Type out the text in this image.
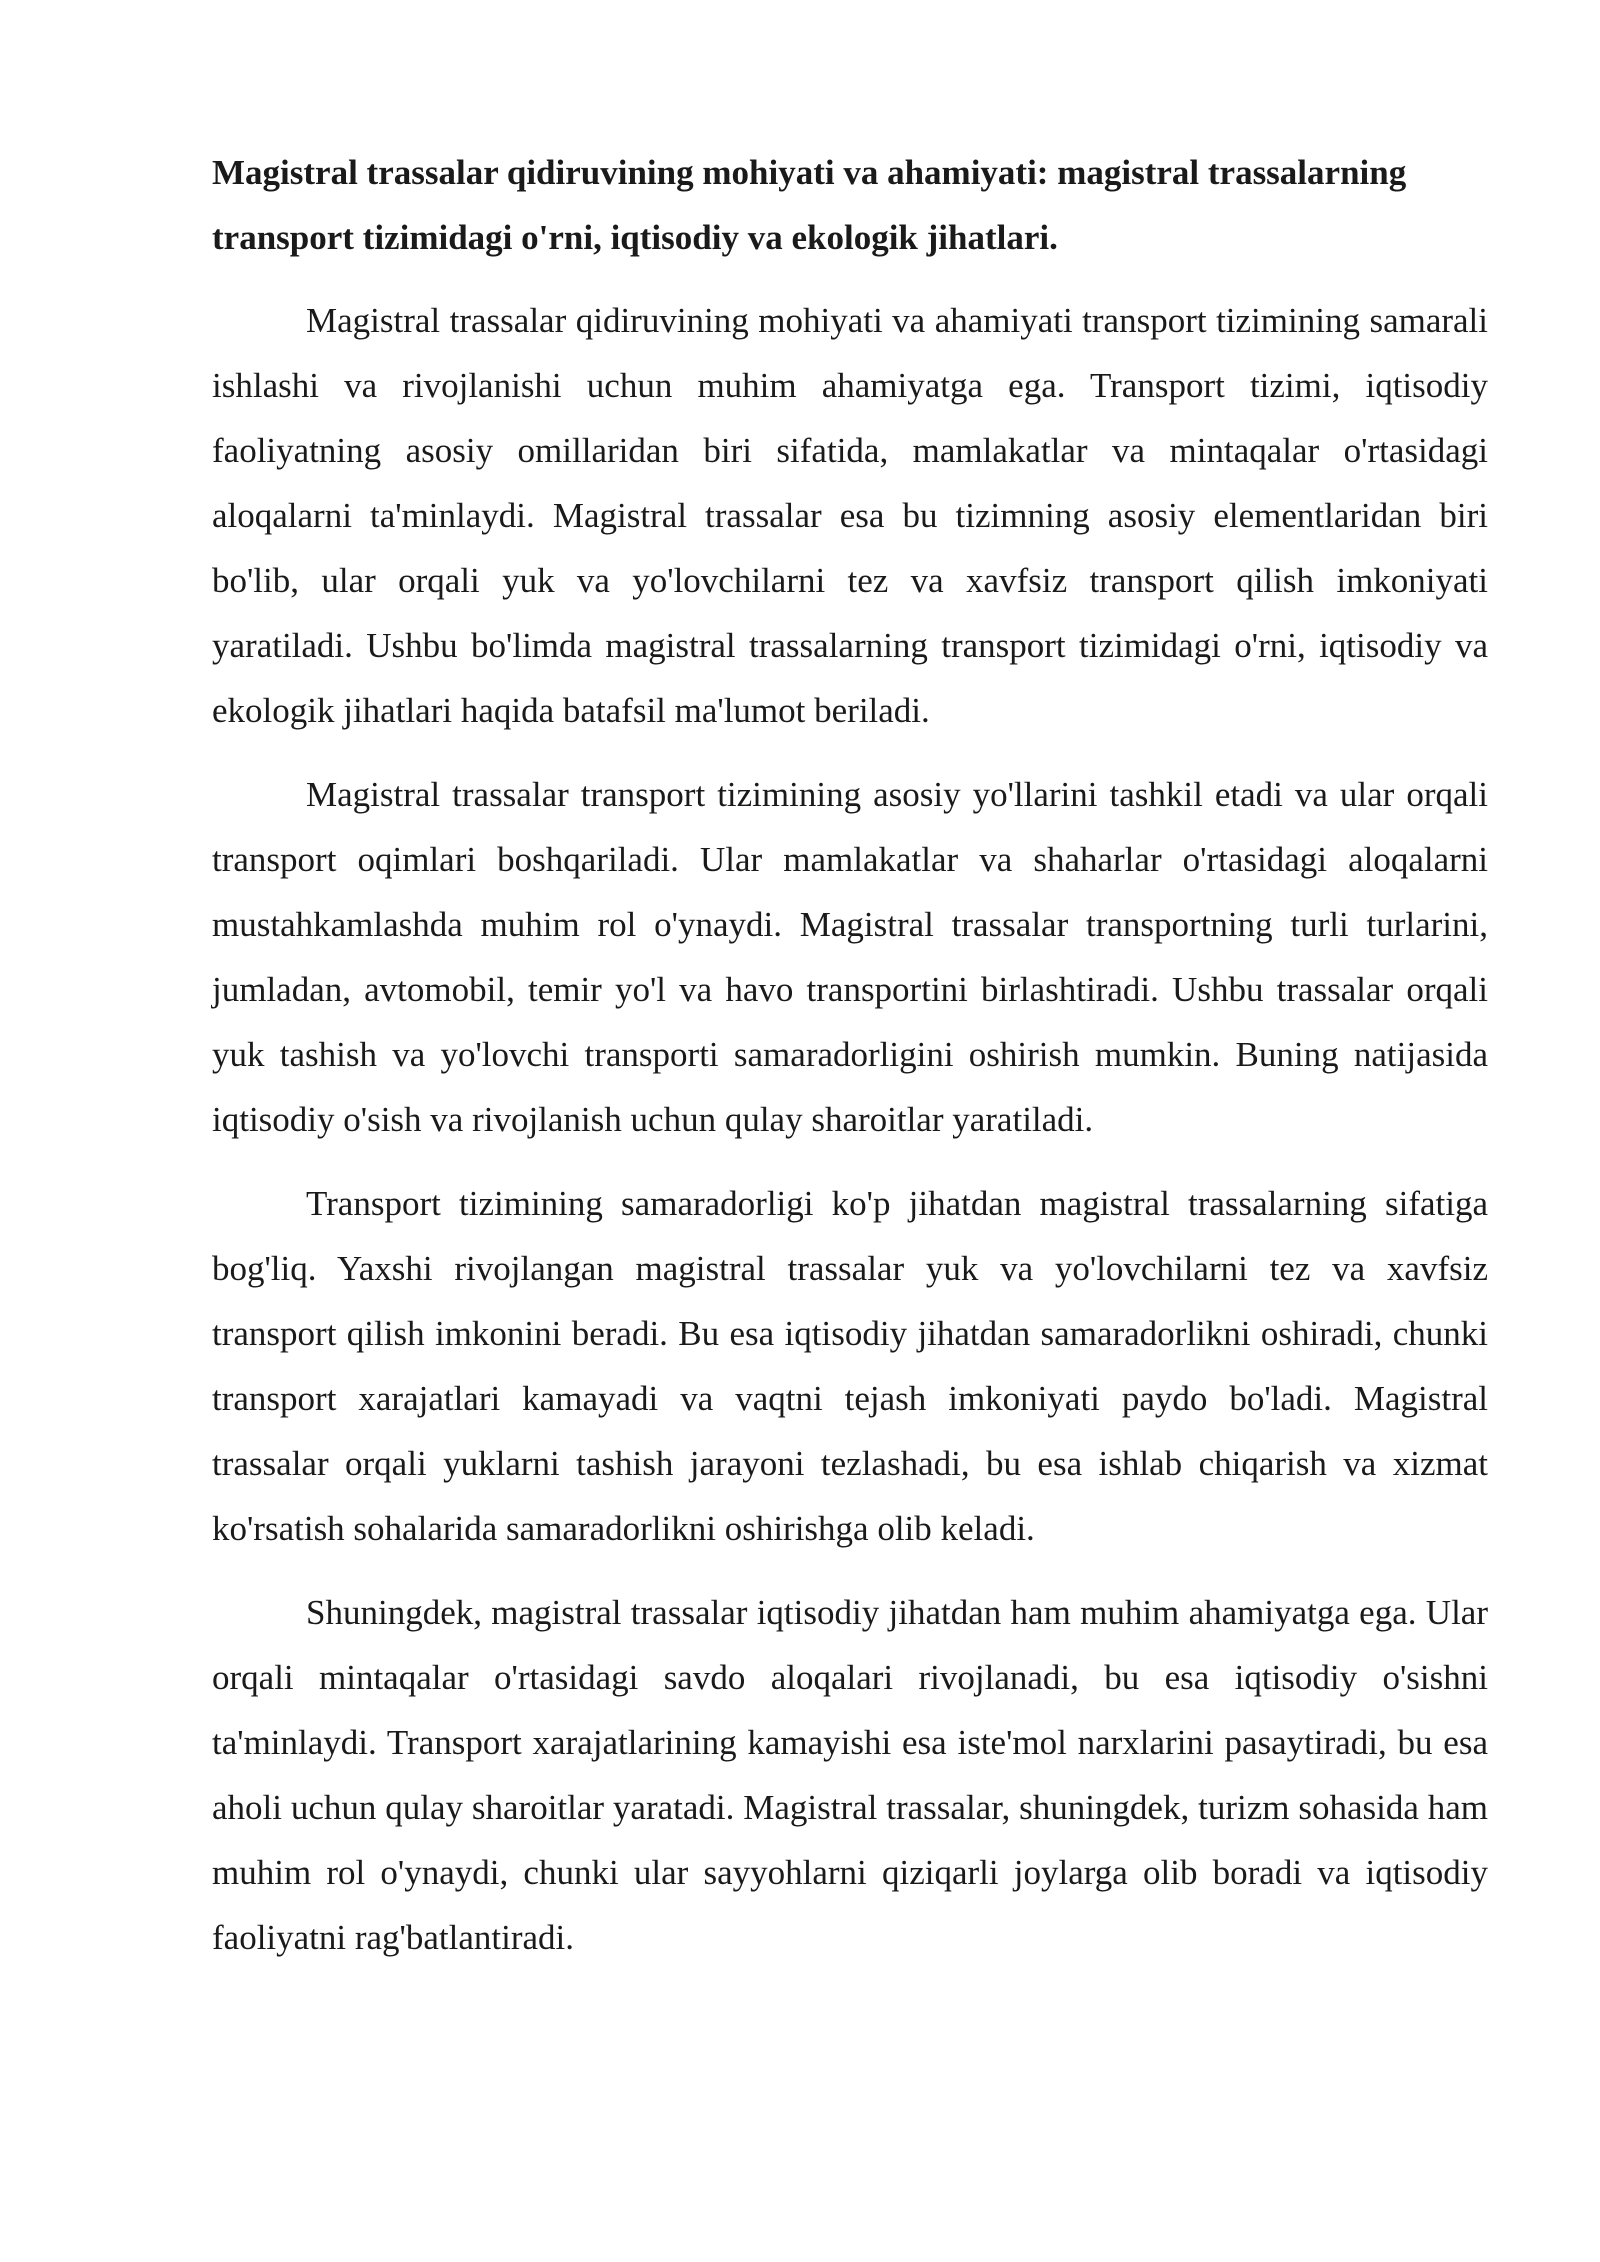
Magistral trassalar qidiruvining mohiyati va ahamiyati: magistral trassalarning transport tizimidagi o'rni, iqtisodiy va ekologik jihatlari.

Magistral trassalar qidiruvining mohiyati va ahamiyati transport tizimining samarali ishlashi va rivojlanishi uchun muhim ahamiyatga ega. Transport tizimi, iqtisodiy faoliyatning asosiy omillaridan biri sifatida, mamlakatlar va mintaqalar o'rtasidagi aloqalarni ta'minlaydi. Magistral trassalar esa bu tizimning asosiy elementlaridan biri bo'lib, ular orqali yuk va yo'lovchilarni tez va xavfsiz transport qilish imkoniyati yaratiladi. Ushbu bo'limda magistral trassalarning transport tizimidagi o'rni, iqtisodiy va ekologik jihatlari haqida batafsil ma'lumot beriladi.

Magistral trassalar transport tizimining asosiy yo'llarini tashkil etadi va ular orqali transport oqimlari boshqariladi. Ular mamlakatlar va shaharlar o'rtasidagi aloqalarni mustahkamlashda muhim rol o'ynaydi. Magistral trassalar transportning turli turlarini, jumladan, avtomobil, temir yo'l va havo transportini birlashtiradi. Ushbu trassalar orqali yuk tashish va yo'lovchi transporti samaradorligini oshirish mumkin. Buning natijasida iqtisodiy o'sish va rivojlanish uchun qulay sharoitlar yaratiladi.

Transport tizimining samaradorligi ko'p jihatdan magistral trassalarning sifatiga bog'liq. Yaxshi rivojlangan magistral trassalar yuk va yo'lovchilarni tez va xavfsiz transport qilish imkonini beradi. Bu esa iqtisodiy jihatdan samaradorlikni oshiradi, chunki transport xarajatlari kamayadi va vaqtni tejash imkoniyati paydo bo'ladi. Magistral trassalar orqali yuklarni tashish jarayoni tezlashadi, bu esa ishlab chiqarish va xizmat ko'rsatish sohalarida samaradorlikni oshirishga olib keladi.

Shuningdek, magistral trassalar iqtisodiy jihatdan ham muhim ahamiyatga ega. Ular orqali mintaqalar o'rtasidagi savdo aloqalari rivojlanadi, bu esa iqtisodiy o'sishni ta'minlaydi. Transport xarajatlarining kamayishi esa iste'mol narxlarini pasaytiradi, bu esa aholi uchun qulay sharoitlar yaratadi. Magistral trassalar, shuningdek, turizm sohasida ham muhim rol o'ynaydi, chunki ular sayyohlarni qiziqarli joylarga olib boradi va iqtisodiy faoliyatni rag'batlantiradi.
